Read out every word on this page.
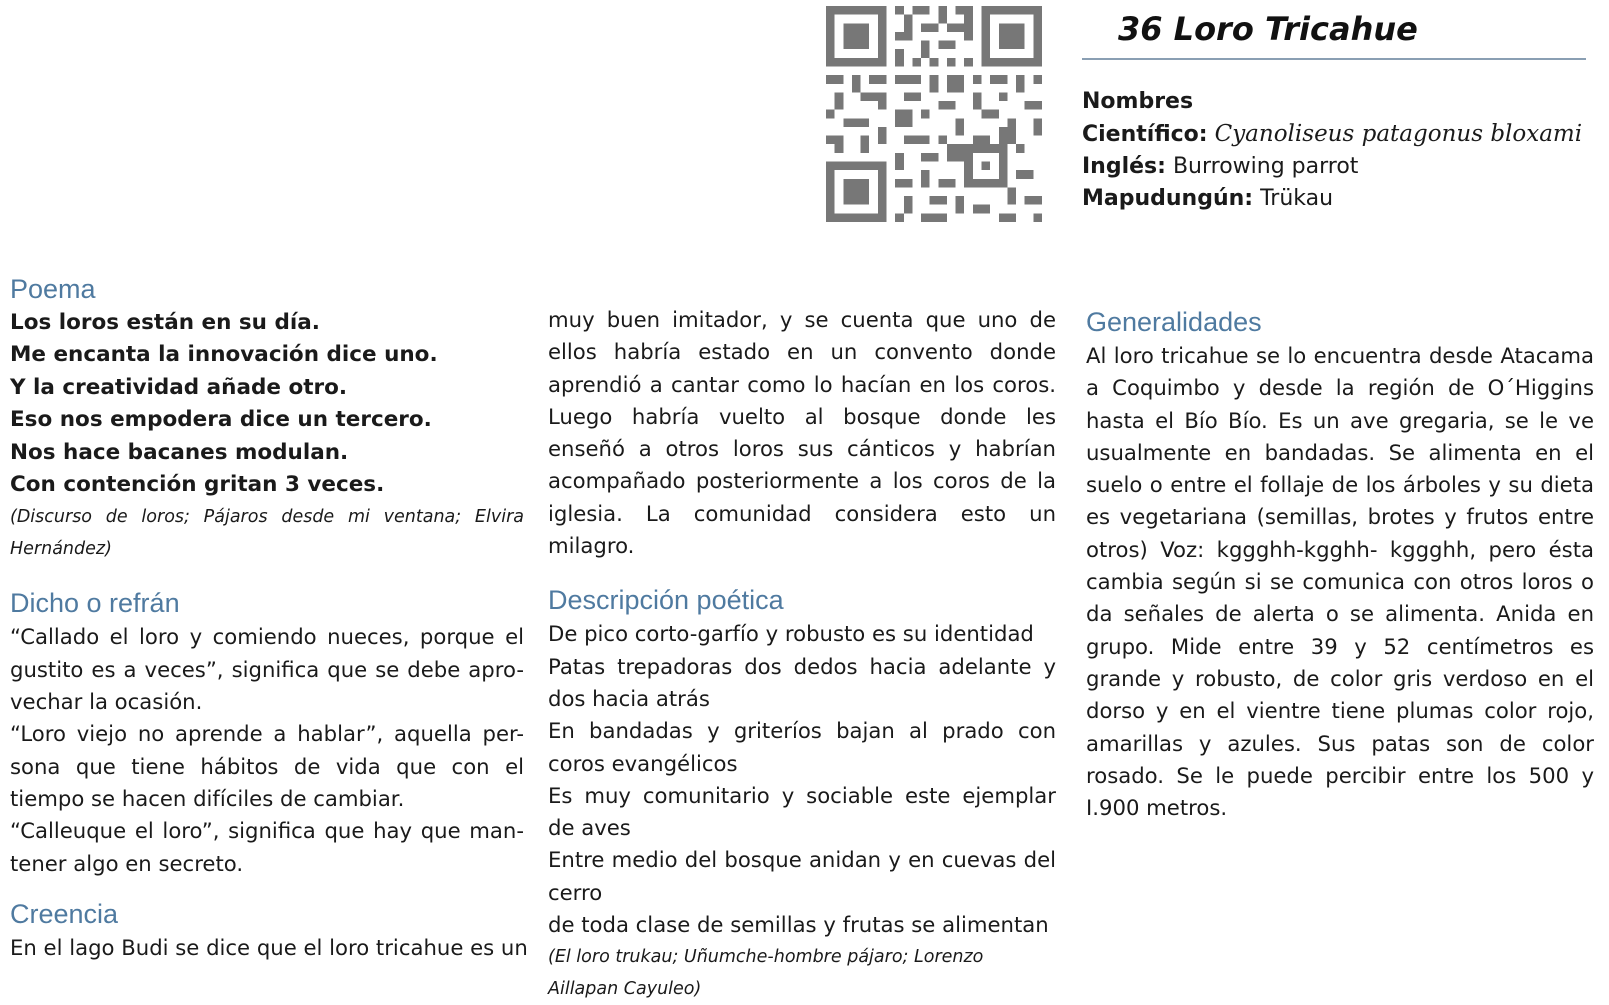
36 Loro Tricahue
Nombres
Científico: Cyanoliseus patagonus bloxami
Inglés: Burrowing parrot
Mapudungún: Trükau
Poema
Los loros están en su día.
Me encanta la innovación dice uno.
Y la creatividad añade otro.
Eso nos empodera dice un tercero.
Nos hace bacanes modulan.
Con contención gritan 3 veces.
(Discurso de loros; Pájaros desde mi ventana; Elvira Hernández)
Dicho o refrán
“Callado el loro y comiendo nueces, porque el gustito es a veces”, significa que se debe apro-vechar la ocasión.
“Loro viejo no aprende a hablar”, aquella per-sona que tiene hábitos de vida que con el tiempo se hacen difíciles de cambiar.
“Calleuque el loro”, significa que hay que man-tener algo en secreto.
Creencia
En el lago Budi se dice que el loro tricahue es un
muy buen imitador, y se cuenta que uno de ellos habría estado en un convento donde aprendió a cantar como lo hacían en los coros. Luego habría vuelto al bosque donde les enseñó a otros loros sus cánticos y habrían acompañado posteriormente a los coros de la iglesia. La comunidad considera esto un milagro.
Descripción poética
De pico corto-garfío y robusto es su identidad
Patas trepadoras dos dedos hacia adelante y dos hacia atrás
En bandadas y griteríos bajan al prado con coros evangélicos
Es muy comunitario y sociable este ejemplar de aves
Entre medio del bosque anidan y en cuevas del cerro
de toda clase de semillas y frutas se alimentan
(El loro trukau; Uñumche-hombre pájaro; Lorenzo Aillapan Cayuleo)
Generalidades
Al loro tricahue se lo encuentra desde Atacama a Coquimbo y desde la región de O´Higgins hasta el Bío Bío. Es un ave gregaria, se le ve usualmente en bandadas. Se alimenta en el suelo o entre el follaje de los árboles y su dieta es vegetariana (semillas, brotes y frutos entre otros) Voz: kggghh-kgghh- kggghh, pero ésta cambia según si se comunica con otros loros o da señales de alerta o se alimenta. Anida en grupo. Mide entre 39 y 52 centímetros es grande y robusto, de color gris verdoso en el dorso y en el vientre tiene plumas color rojo, amarillas y azules. Sus patas son de color rosado. Se le puede percibir entre los 500 y I.900 metros.
